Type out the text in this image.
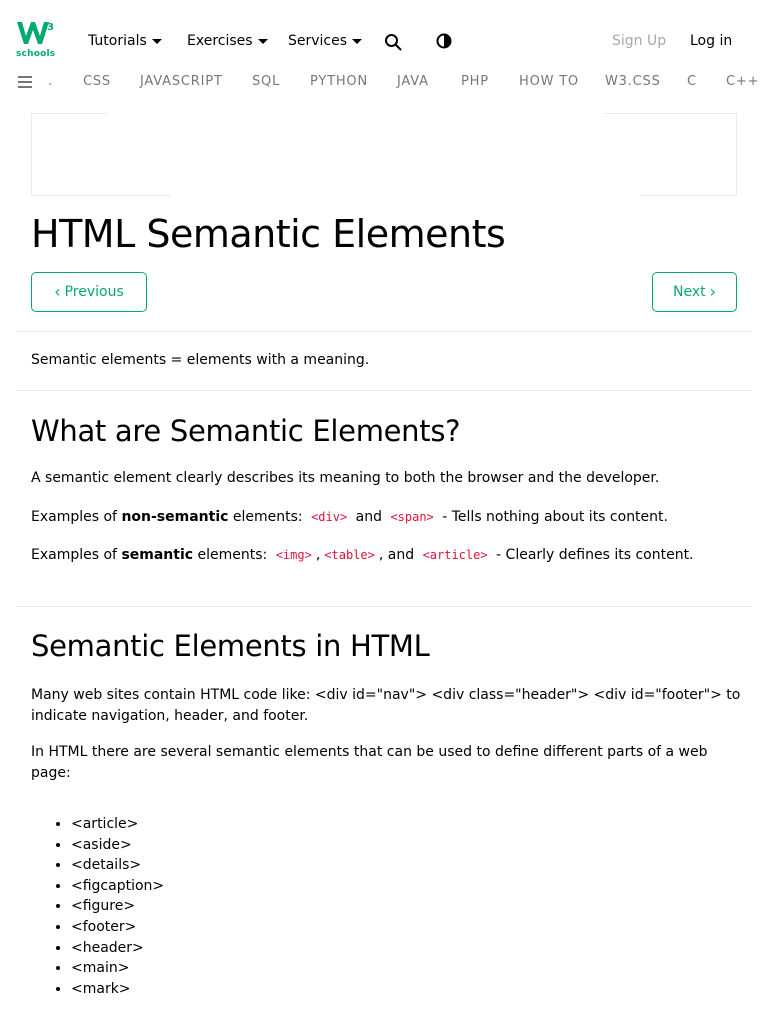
3
schools
Tutorials	Exercises	Services	Sign Up Log in
. CSS JAVASCRIPT SQL PYTHON JAVA PHP HOW TO W3.CSS C C++
HTML Semantic Elements
‹ Previous	Next ›
Semantic elements = elements with a meaning.
What are Semantic Elements?
A semantic element clearly describes its meaning to both the browser and the developer.
Examples of non-semantic elements: <div> and <span> - Tells nothing about its content.
Examples of semantic elements: <img> , <table> , and <article> - Clearly defines its content.
Semantic Elements in HTML
Many web sites contain HTML code like: <div id="nav"> <div class="header"> <div id="footer"> to indicate navigation, header, and footer.
In HTML there are several semantic elements that can be used to define different parts of a web page:
• <article>
• <aside>
• <details>
• <figcaption>
• <figure>
• <footer>
• <header>
• <main>
• <mark>
